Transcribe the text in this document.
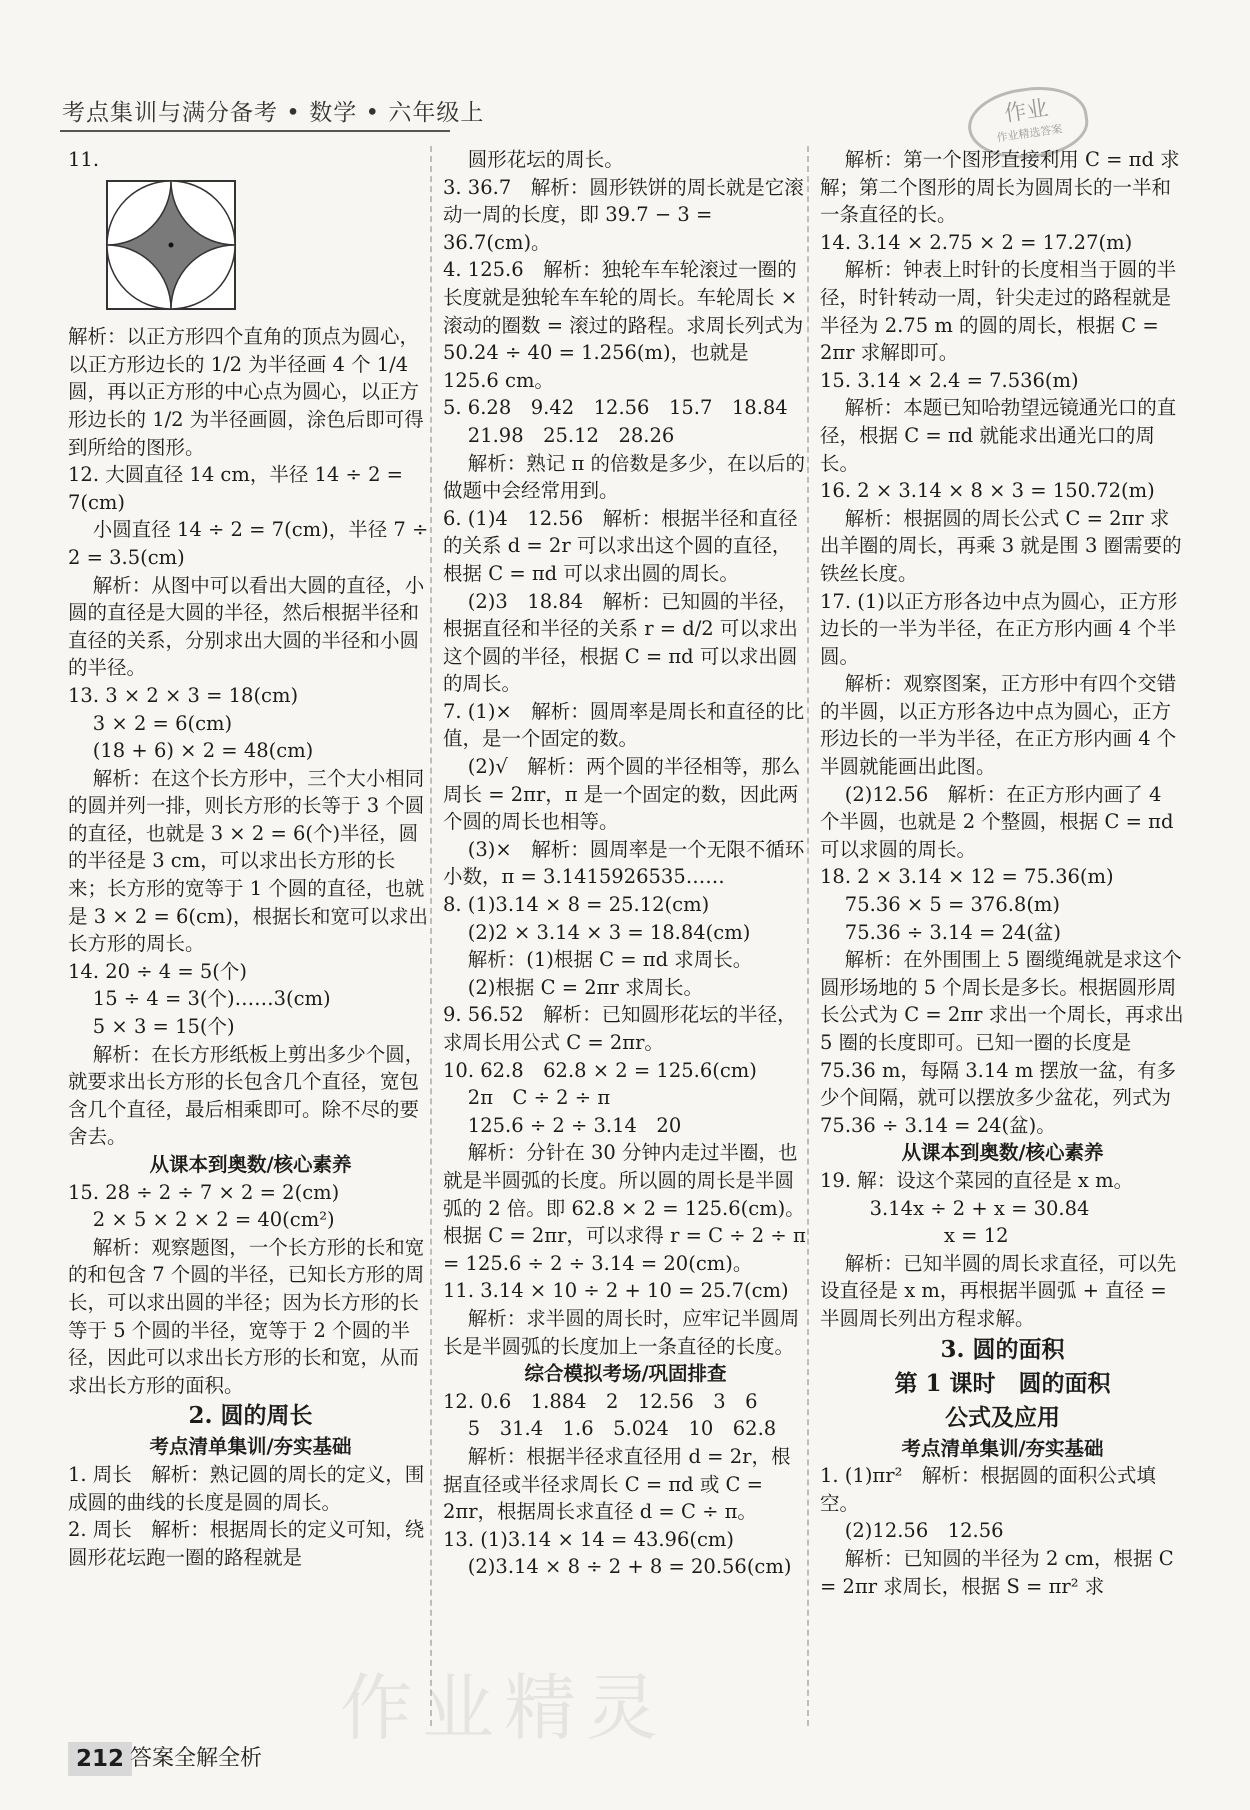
考点集训与满分备考 • 数学 • 六年级上	作业
作业精选答案

11.

解析：以正方形四个直角的顶点为圆心，以正方形边长的 1/2 为半径画 4 个 1/4 圆，再以正方形的中心点为圆心，以正方形边长的 1/2 为半径画圆，涂色后即可得到所给的图形。

12. 大圆直径 14 cm，半径 14 ÷ 2 = 7(cm)

小圆直径 14 ÷ 2 = 7(cm)，半径 7 ÷ 2 = 3.5(cm)

解析：从图中可以看出大圆的直径，小圆的直径是大圆的半径，然后根据半径和直径的关系，分别求出大圆的半径和小圆的半径。

13. 3 × 2 × 3 = 18(cm)

3 × 2 = 6(cm)

(18 + 6) × 2 = 48(cm)

解析：在这个长方形中，三个大小相同的圆并列一排，则长方形的长等于 3 个圆的直径，也就是 3 × 2 = 6(个)半径，圆的半径是 3 cm，可以求出长方形的长来；长方形的宽等于 1 个圆的直径，也就是 3 × 2 = 6(cm)，根据长和宽可以求出长方形的周长。

14. 20 ÷ 4 = 5(个)

15 ÷ 4 = 3(个)……3(cm)

5 × 3 = 15(个)

解析：在长方形纸板上剪出多少个圆，就要求出长方形的长包含几个直径，宽包含几个直径，最后相乘即可。除不尽的要舍去。

从课本到奥数/核心素养

15. 28 ÷ 2 ÷ 7 × 2 = 2(cm)

2 × 5 × 2 × 2 = 40(cm²)

解析：观察题图，一个长方形的长和宽的和包含 7 个圆的半径，已知长方形的周长，可以求出圆的半径；因为长方形的长等于 5 个圆的半径，宽等于 2 个圆的半径，因此可以求出长方形的长和宽，从而求出长方形的面积。

2. 圆的周长

考点清单集训/夯实基础

1. 周长　解析：熟记圆的周长的定义，围成圆的曲线的长度是圆的周长。

2. 周长　解析：根据周长的定义可知，绕圆形花坛跑一圈的路程就是

圆形花坛的周长。

3. 36.7　解析：圆形铁饼的周长就是它滚动一周的长度，即 39.7 − 3 = 36.7(cm)。

4. 125.6　解析：独轮车车轮滚过一圈的长度就是独轮车车轮的周长。车轮周长 × 滚动的圈数 = 滚过的路程。求周长列式为 50.24 ÷ 40 = 1.256(m)，也就是 125.6 cm。

5. 6.28　9.42　12.56　15.7　18.84

21.98　25.12　28.26

解析：熟记 π 的倍数是多少，在以后的做题中会经常用到。

6. (1)4　12.56　解析：根据半径和直径的关系 d = 2r 可以求出这个圆的直径，根据 C = πd 可以求出圆的周长。

(2)3　18.84　解析：已知圆的半径，根据直径和半径的关系 r = d/2 可以求出这个圆的半径，根据 C = πd 可以求出圆的周长。

7. (1)×　解析：圆周率是周长和直径的比值，是一个固定的数。

(2)√　解析：两个圆的半径相等，那么周长 = 2πr，π 是一个固定的数，因此两个圆的周长也相等。

(3)×　解析：圆周率是一个无限不循环小数，π = 3.1415926535……

8. (1)3.14 × 8 = 25.12(cm)

(2)2 × 3.14 × 3 = 18.84(cm)

解析：(1)根据 C = πd 求周长。

(2)根据 C = 2πr 求周长。

9. 56.52　解析：已知圆形花坛的半径，求周长用公式 C = 2πr。

10. 62.8　62.8 × 2 = 125.6(cm)

2π　C ÷ 2 ÷ π

125.6 ÷ 2 ÷ 3.14　20

解析：分针在 30 分钟内走过半圈，也就是半圆弧的长度。所以圆的周长是半圆弧的 2 倍。即 62.8 × 2 = 125.6(cm)。根据 C = 2πr，可以求得 r = C ÷ 2 ÷ π = 125.6 ÷ 2 ÷ 3.14 = 20(cm)。

11. 3.14 × 10 ÷ 2 + 10 = 25.7(cm)

解析：求半圆的周长时，应牢记半圆周长是半圆弧的长度加上一条直径的长度。

综合模拟考场/巩固排查

12. 0.6　1.884　2　12.56　3　6

5　31.4　1.6　5.024　10　62.8

解析：根据半径求直径用 d = 2r，根据直径或半径求周长 C = πd 或 C = 2πr，根据周长求直径 d = C ÷ π。

13. (1)3.14 × 14 = 43.96(cm)

(2)3.14 × 8 ÷ 2 + 8 = 20.56(cm)

解析：第一个图形直接利用 C = πd 求解；第二个图形的周长为圆周长的一半和一条直径的长。

14. 3.14 × 2.75 × 2 = 17.27(m)

解析：钟表上时针的长度相当于圆的半径，时针转动一周，针尖走过的路程就是半径为 2.75 m 的圆的周长，根据 C = 2πr 求解即可。

15. 3.14 × 2.4 = 7.536(m)

解析：本题已知哈勃望远镜通光口的直径，根据 C = πd 就能求出通光口的周长。

16. 2 × 3.14 × 8 × 3 = 150.72(m)

解析：根据圆的周长公式 C = 2πr 求出羊圈的周长，再乘 3 就是围 3 圈需要的铁丝长度。

17. (1)以正方形各边中点为圆心，正方形边长的一半为半径，在正方形内画 4 个半圆。

解析：观察图案，正方形中有四个交错的半圆，以正方形各边中点为圆心，正方形边长的一半为半径，在正方形内画 4 个半圆就能画出此图。

(2)12.56　解析：在正方形内画了 4 个半圆，也就是 2 个整圆，根据 C = πd 可以求圆的周长。

18. 2 × 3.14 × 12 = 75.36(m)

75.36 × 5 = 376.8(m)

75.36 ÷ 3.14 = 24(盆)

解析：在外围围上 5 圈缆绳就是求这个圆形场地的 5 个周长是多长。根据圆形周长公式为 C = 2πr 求出一个周长，再求出 5 圈的长度即可。已知一圈的长度是 75.36 m，每隔 3.14 m 摆放一盆，有多少个间隔，就可以摆放多少盆花，列式为 75.36 ÷ 3.14 = 24(盆)。

从课本到奥数/核心素养

19. 解：设这个菜园的直径是 x m。

3.14x ÷ 2 + x = 30.84

x = 12

解析：已知半圆的周长求直径，可以先设直径是 x m，再根据半圆弧 + 直径 = 半圆周长列出方程求解。

3. 圆的面积

第 1 课时　圆的面积

公式及应用

考点清单集训/夯实基础

1. (1)πr²　解析：根据圆的面积公式填空。

(2)12.56　12.56

解析：已知圆的半径为 2 cm，根据 C = 2πr 求周长，根据 S = πr² 求

作业精灵
212 答案全解全析
